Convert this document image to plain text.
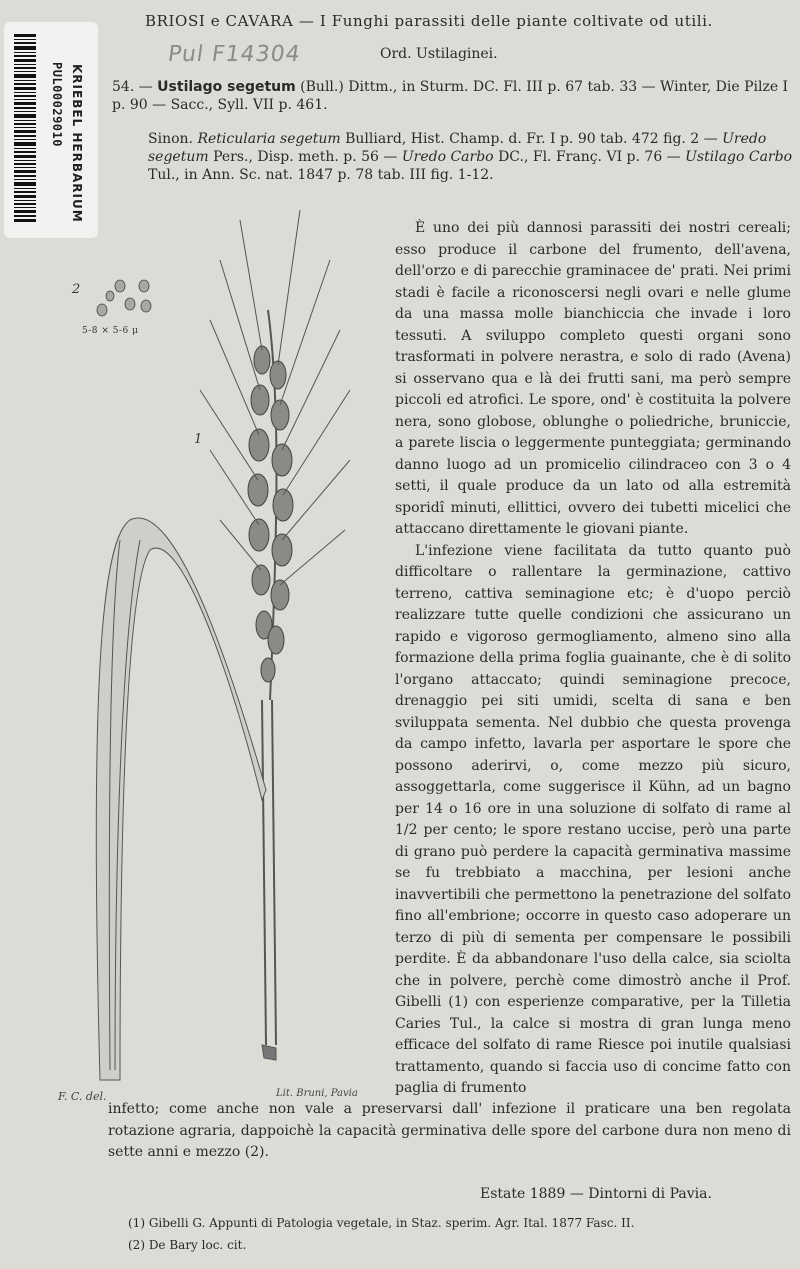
PUL00029010 KRIEBEL HERBARIUM
BRIOSI e CAVARA — I Funghi parassiti delle piante coltivate od utili.
Pul F14304	Ord. Ustilaginei.
54. — Ustilago segetum (Bull.) Dittm., in Sturm. DC. Fl. III p. 67 tab. 33 — Winter, Die Pilze I p. 90 — Sacc., Syll. VII p. 461.
Sinon. Reticularia segetum Bulliard, Hist. Champ. d. Fr. I p. 90 tab. 472 fig. 2 — Uredo segetum Pers., Disp. meth. p. 56 — Uredo Carbo DC., Fl. Franç. VI p. 76 — Ustilago Carbo Tul., in Ann. Sc. nat. 1847 p. 78 tab. III fig. 1-12.
2
5-8 × 5-6 μ
1
F. C. del.	Lit. Bruni, Pavia

È uno dei più dannosi parassiti dei nostri cereali; esso produce il carbone del frumento, dell'avena, dell'orzo e di parecchie graminacee de' prati. Nei primi stadi è facile a riconoscersi negli ovari e nelle glume da una massa molle bianchiccia che invade i loro tessuti. A sviluppo completo questi organi sono trasformati in polvere nerastra, e solo di rado (Avena) si osservano qua e là dei frutti sani, ma però sempre piccoli ed atrofici. Le spore, ond' è costituita la polvere nera, sono globose, oblunghe o poliedriche, bruniccie, a parete liscia o leggermente punteggiata; germinando danno luogo ad un promicelio cilindraceo con 3 o 4 setti, il quale produce da un lato od alla estremità sporidî minuti, ellittici, ovvero dei tubetti micelici che attaccano direttamente le giovani piante.

L'infezione viene facilitata da tutto quanto può difficoltare o rallentare la germinazione, cattivo terreno, cattiva seminagione etc; è d'uopo perciò realizzare tutte quelle condizioni che assicurano un rapido e vigoroso germogliamento, almeno sino alla formazione della prima foglia guainante, che è di solito l'organo attaccato; quindi seminagione precoce, drenaggio pei siti umidi, scelta di sana e ben sviluppata sementa. Nel dubbio che questa provenga da campo infetto, lavarla per asportare le spore che possono aderirvi, o, come mezzo più sicuro, assoggettarla, come suggerisce il Kühn, ad un bagno per 14 o 16 ore in una soluzione di solfato di rame al 1/2 per cento; le spore restano uccise, però una parte di grano può perdere la capacità germinativa massime se fu trebbiato a macchina, per lesioni anche inavvertibili che permettono la penetrazione del solfato fino all'embrione; occorre in questo caso adoperare un terzo di più di sementa per compensare le possibili perdite. È da abbandonare l'uso della calce, sia sciolta che in polvere, perchè come dimostrò anche il Prof. Gibelli (1) con esperienze comparative, per la Tilletia Caries Tul., la calce si mostra di gran lunga meno efficace del solfato di rame Riesce poi inutile qualsiasi trattamento, quando si faccia uso di concime fatto con paglia di frumento

infetto; come anche non vale a preservarsi dall' infezione il praticare una ben regolata rotazione agraria, dappoichè la capacità germinativa delle spore del carbone dura non meno di sette anni e mezzo (2).
Estate 1889 — Dintorni di Pavia.
(1) Gibelli G. Appunti di Patologia vegetale, in Staz. sperim. Agr. Ital. 1877 Fasc. II.
(2) De Bary loc. cit.
